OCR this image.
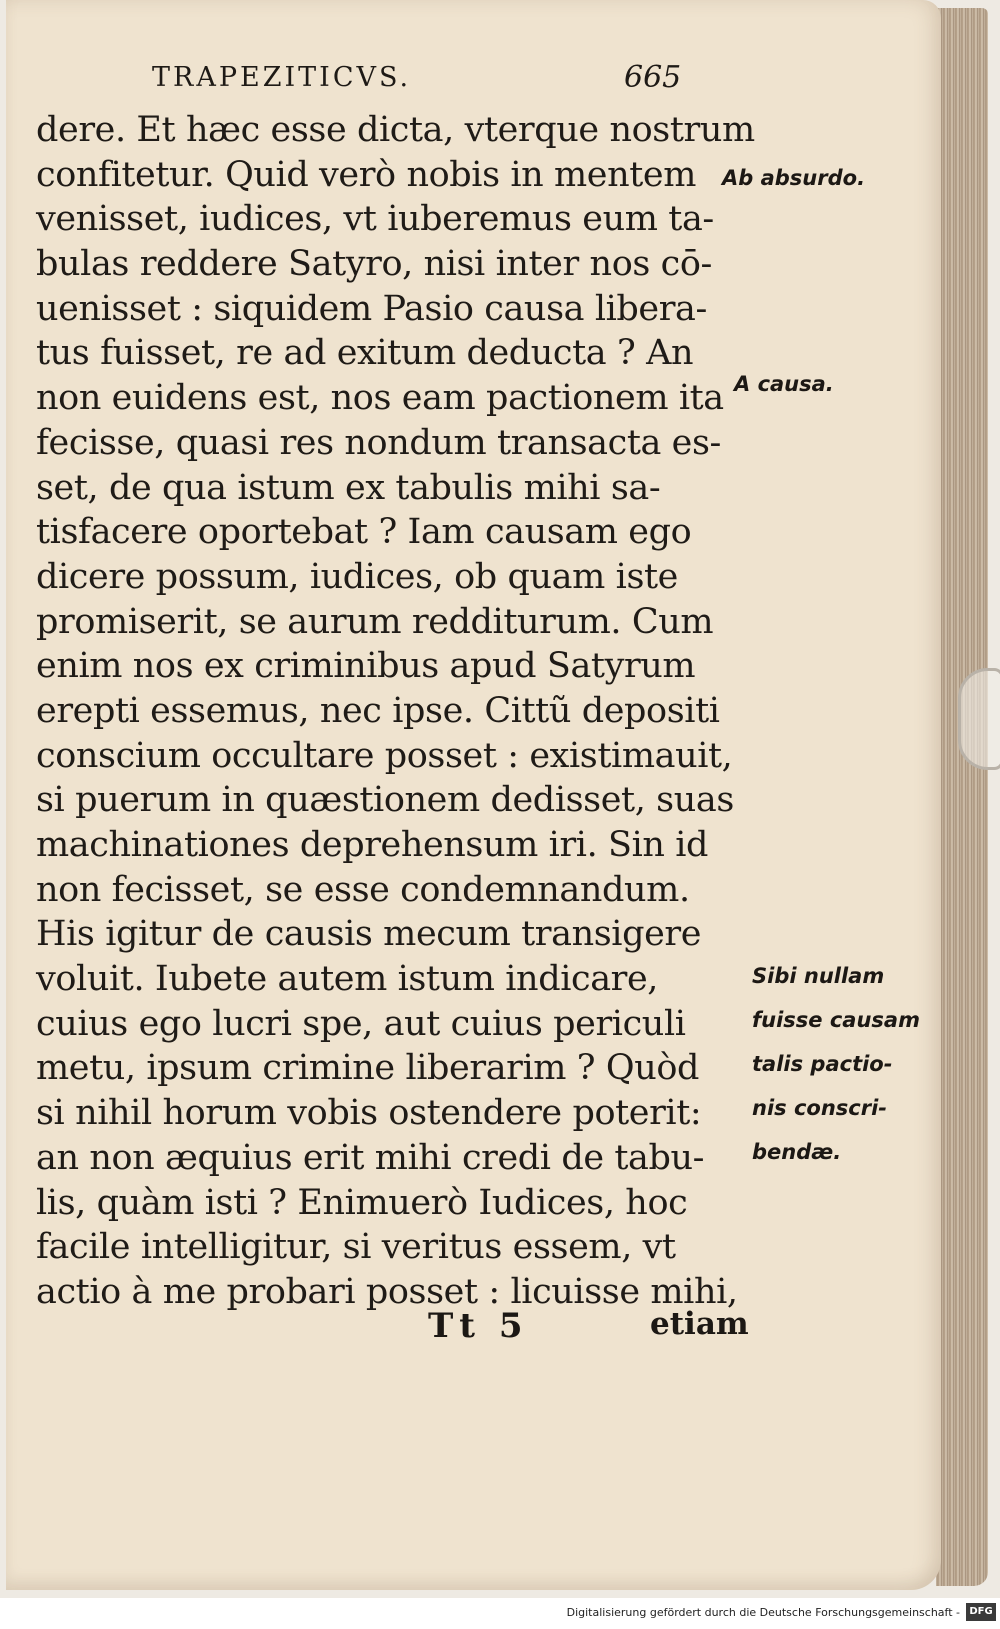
TRAPEZITICVS.	665
dere. Et hæc esse dicta, vterque nostrum
confitetur. Quid verò nobis in mentem
venisset, iudices, vt iuberemus eum ta-
bulas reddere Satyro, nisi inter nos cō-
uenisset : siquidem Pasio causa libera-
tus fuisset, re ad exitum deducta ? An
non euidens est, nos eam pactionem ita
fecisse, quasi res nondum transacta es-
set, de qua istum ex tabulis mihi sa-
tisfacere oportebat ? Iam causam ego
dicere possum, iudices, ob quam iste
promiserit, se aurum redditurum. Cum
enim nos ex criminibus apud Satyrum
erepti essemus, nec ipse. Cittũ depositi
conscium occultare posset : existimauit,
si puerum in quæstionem dedisset, suas
machinationes deprehensum iri. Sin id
non fecisset, se esse condemnandum.
His igitur de causis mecum transigere
voluit. Iubete autem istum indicare,
cuius ego lucri spe, aut cuius periculi
metu, ipsum crimine liberarim ? Quòd
si nihil horum vobis ostendere poterit:
an non æquius erit mihi credi de tabu-
lis, quàm isti ? Enimuerò Iudices, hoc
facile intelligitur, si veritus essem, vt
actio à me probari posset : licuisse mihi,
Ab absurdo.
A causa.
Sibi nullam
fuisse causam
talis pactio-
nis conscri-
bendæ.
Tt 5	etiam
Digitalisierung gefördert durch die Deutsche Forschungsgemeinschaft - DFG
